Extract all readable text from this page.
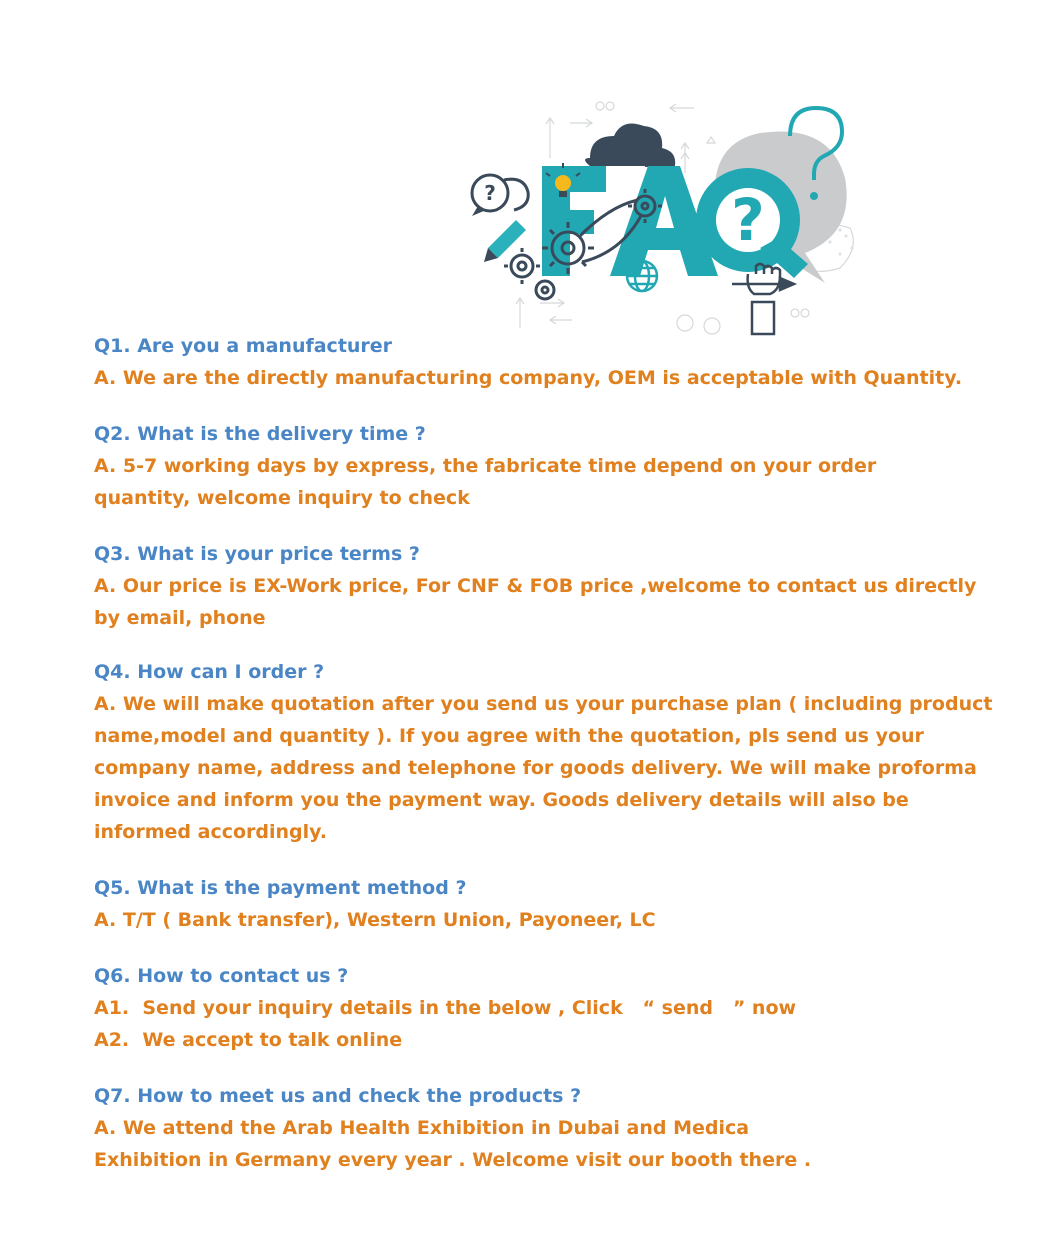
?	?

Q1. Are you a manufacturer

A. We are the directly manufacturing company, OEM is acceptable with Quantity.

Q2. What is the delivery time ?

A. 5-7 working days by express, the fabricate time depend on your order

quantity, welcome inquiry to check

Q3. What is your price terms ?

A. Our price is EX-Work price, For CNF & FOB price ,welcome to contact us directly

by email, phone

Q4. How can I order ?

A. We will make quotation after you send us your purchase plan ( including product

name,model and quantity ). If you agree with the quotation, pls send us your

company name, address and telephone for goods delivery. We will make proforma

invoice and inform you the payment way. Goods delivery details will also be

informed accordingly.

Q5. What is the payment method ?

A. T/T ( Bank transfer), Western Union, Payoneer, LC

Q6. How to contact us ?

A1.  Send your inquiry details in the below , Click   “ send   ” now

A2.  We accept to talk online

Q7. How to meet us and check the products ?

A. We attend the Arab Health Exhibition in Dubai and Medica

Exhibition in Germany every year . Welcome visit our booth there .
